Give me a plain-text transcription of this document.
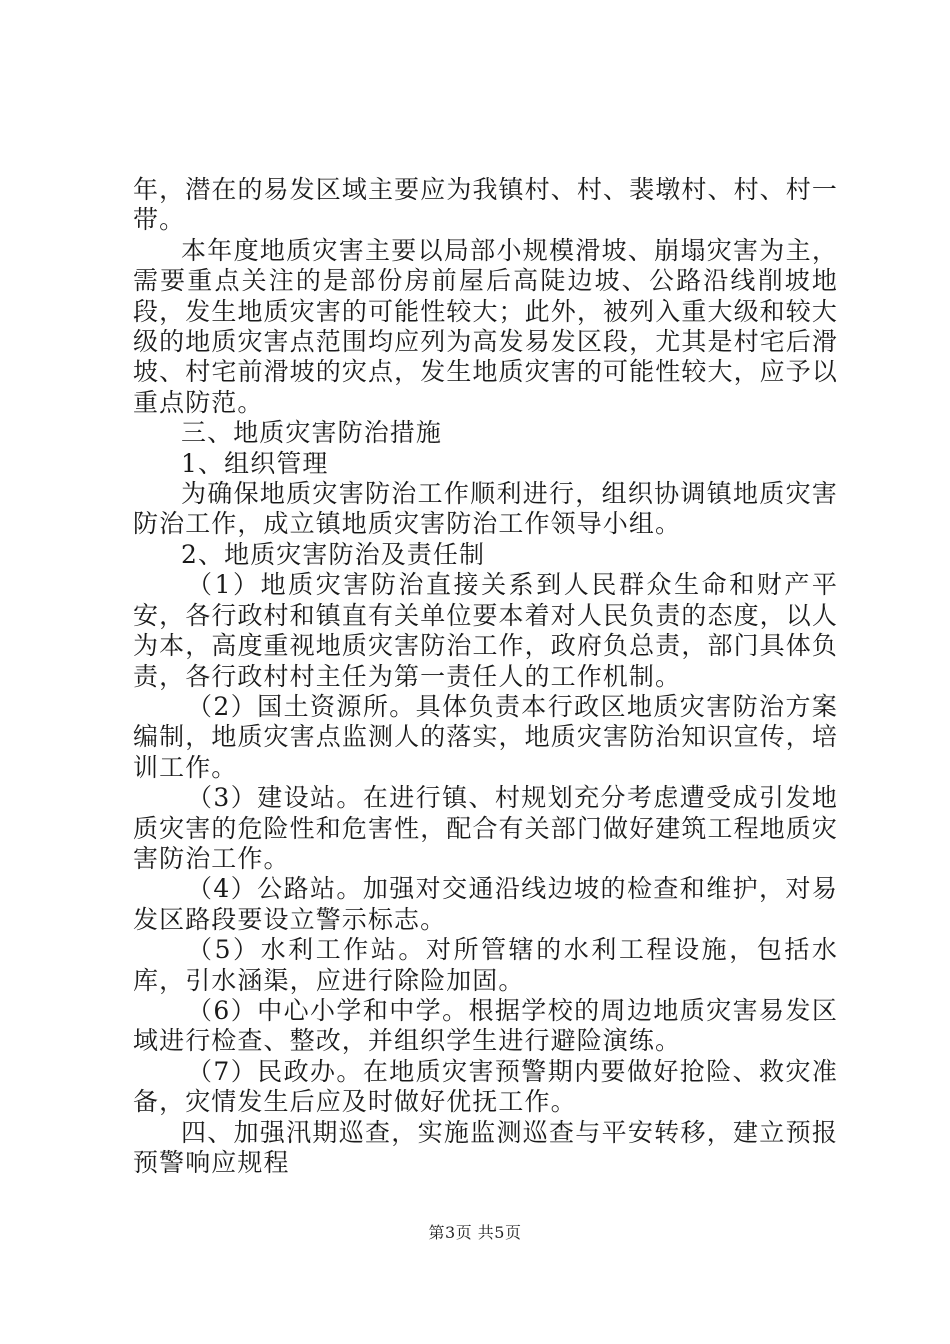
年，潜在的易发区域主要应为我镇村、村、裴墩村、村、村一带。

本年度地质灾害主要以局部小规模滑坡、崩塌灾害为主，需要重点关注的是部份房前屋后高陡边坡、公路沿线削坡地段，发生地质灾害的可能性较大；此外，被列入重大级和较大级的地质灾害点范围均应列为高发易发区段，尤其是村宅后滑坡、村宅前滑坡的灾点，发生地质灾害的可能性较大，应予以重点防范。

三、地质灾害防治措施

1、组织管理

为确保地质灾害防治工作顺利进行，组织协调镇地质灾害防治工作，成立镇地质灾害防治工作领导小组。

2、地质灾害防治及责任制

（1）地质灾害防治直接关系到人民群众生命和财产平安，各行政村和镇直有关单位要本着对人民负责的态度，以人为本，高度重视地质灾害防治工作，政府负总责，部门具体负责，各行政村村主任为第一责任人的工作机制。

（2）国土资源所。具体负责本行政区地质灾害防治方案编制，地质灾害点监测人的落实，地质灾害防治知识宣传，培训工作。

（3）建设站。在进行镇、村规划充分考虑遭受成引发地质灾害的危险性和危害性，配合有关部门做好建筑工程地质灾害防治工作。

（4）公路站。加强对交通沿线边坡的检查和维护，对易发区路段要设立警示标志。

（5）水利工作站。对所管辖的水利工程设施，包括水库，引水涵渠，应进行除险加固。

（6）中心小学和中学。根据学校的周边地质灾害易发区域进行检查、整改，并组织学生进行避险演练。

（7）民政办。在地质灾害预警期内要做好抢险、救灾准备，灾情发生后应及时做好优抚工作。

四、加强汛期巡查，实施监测巡查与平安转移，建立预报预警响应规程

第3页 共5页
